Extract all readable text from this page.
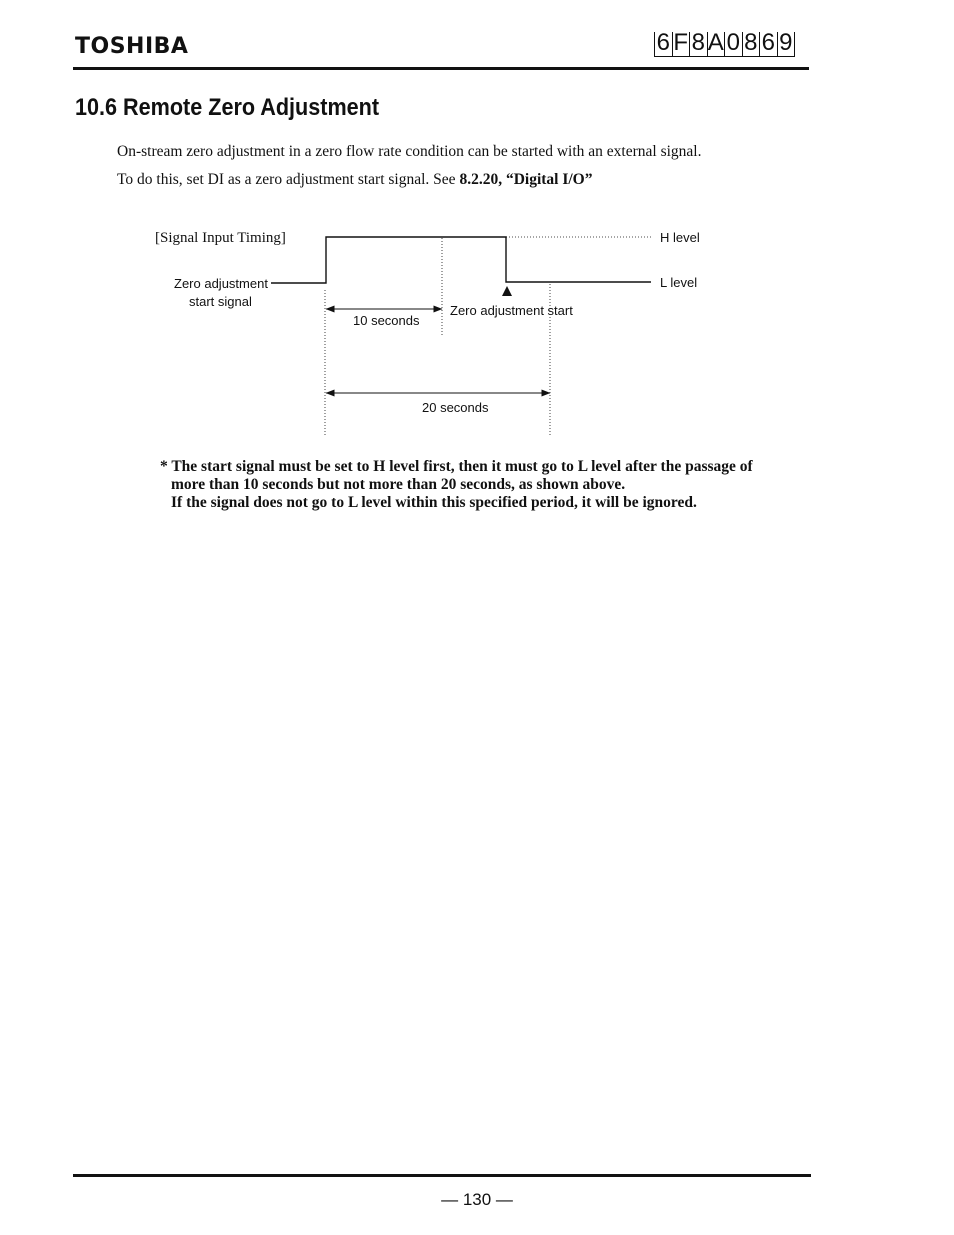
TOSHIBA	6 F 8 A 0 8 6 9
10.6 Remote Zero Adjustment
On-stream zero adjustment in a zero flow rate condition can be started with an external signal.
To do this, set DI as a zero adjustment start signal. See 8.2.20, “Digital I/O”
[Signal Input Timing]
Zero adjustment
start signal
H level
L level
10 seconds
Zero adjustment start
20 seconds
* The start signal must be set to H level first, then it must go to L level after the passage of
more than 10 seconds but not more than 20 seconds, as shown above.
If the signal does not go to L level within this specified period, it will be ignored.
— 130 —
